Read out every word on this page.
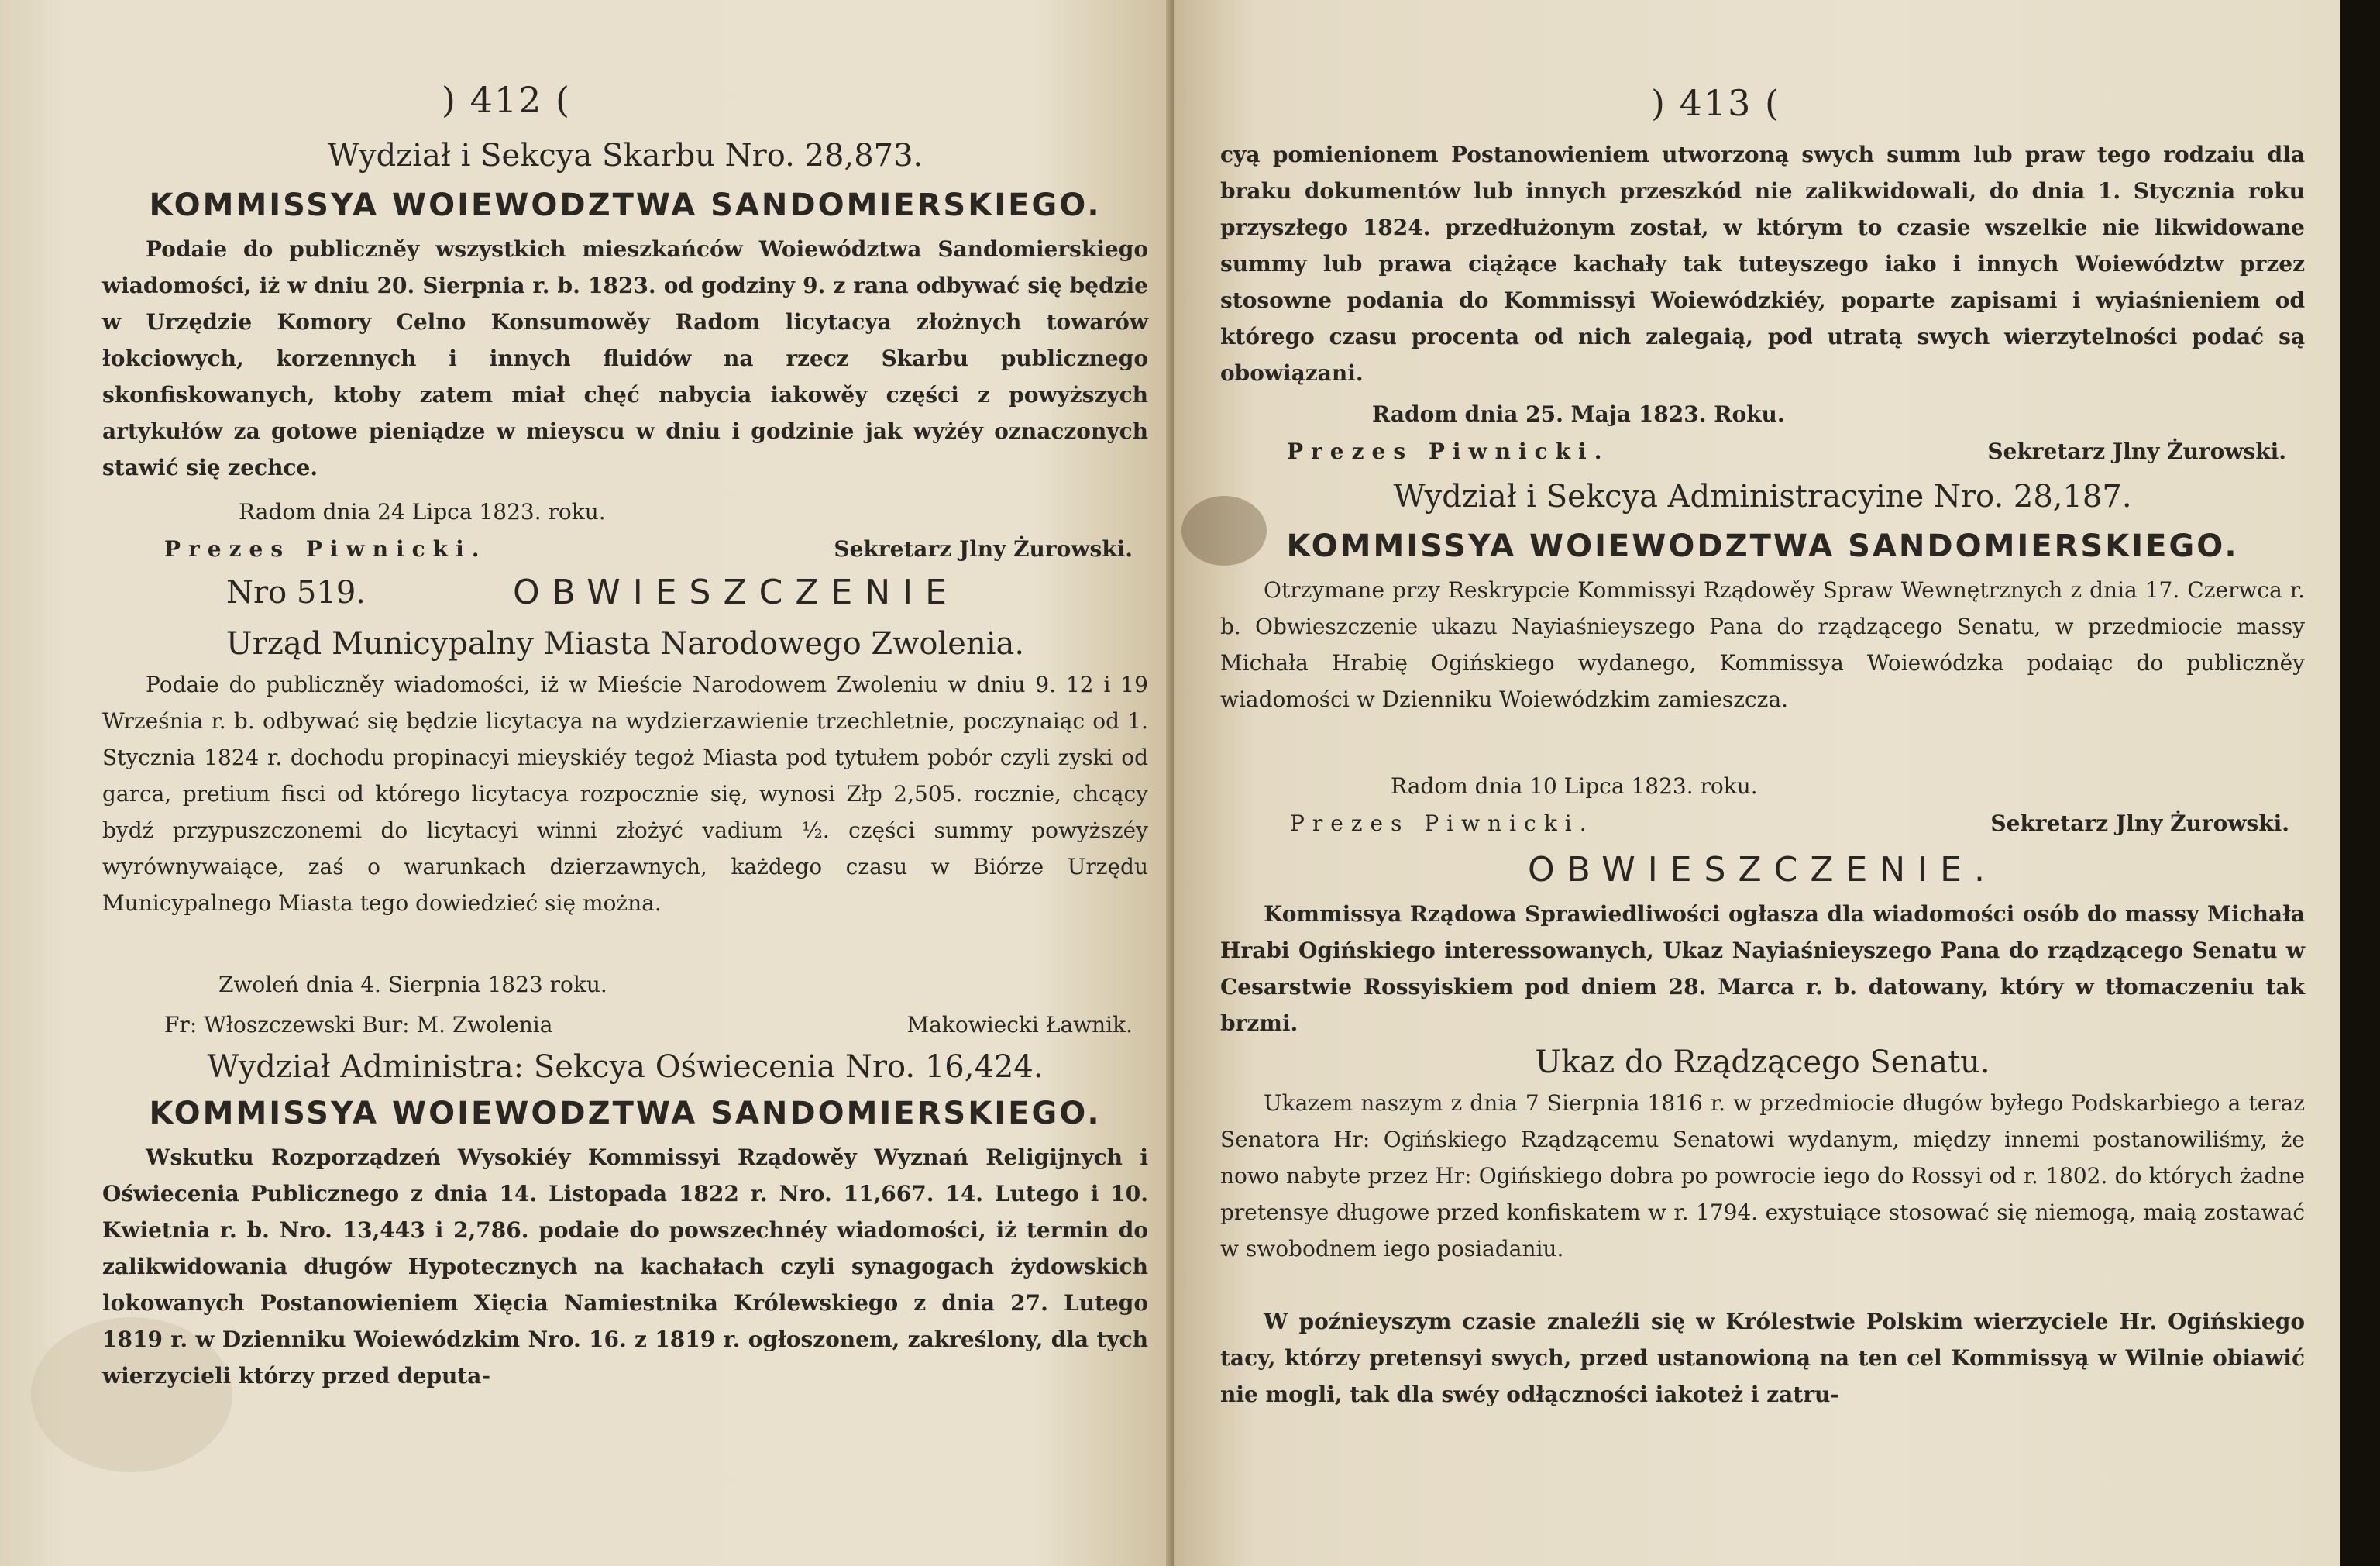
) 412 (
Wydział i Sekcya Skarbu Nro. 28,873.
KOMMISSYA WOIEWODZTWA SANDOMIERSKIEGO.
Podaie do publiczněy wszystkich mieszkańców Woiewództwa Sandomierskiego wiadomości, iż w dniu 20. Sierpnia r. b. 1823. od godziny 9. z rana odbywać się będzie w Urzędzie Komory Celno Konsumowěy Radom licytacya złożnych towarów łokciowych, korzennych i innych fluidów na rzecz Skarbu publicznego skonfiskowanych, ktoby zatem miał chęć nabycia iakowěy części z powyższych artykułów za gotowe pieniądze w mieyscu w dniu i godzinie jak wyżéy oznaczonych stawić się zechce.
Radom dnia 24 Lipca 1823. roku.
Prezes Piwnicki.	Sekretarz Jlny Żurowski.
Nro 519.	OBWIESZCZENIE
Urząd Municypalny Miasta Narodowego Zwolenia.
Podaie do publiczněy wiadomości, iż w Mieście Narodowem Zwoleniu w dniu 9. 12 i 19 Września r. b. odbywać się będzie licytacya na wydzierzawienie trzechletnie, poczynaiąc od 1. Stycznia 1824 r. dochodu propinacyi mieyskiéy tegoż Miasta pod tytułem pobór czyli zyski od garca, pretium fisci od którego licytacya rozpocznie się, wynosi Złp 2,505. rocznie, chcący bydź przypuszczonemi do licytacyi winni złożyć vadium ½. części summy powyższéy wyrównywaiące, zaś o warunkach dzierzawnych, każdego czasu w Biórze Urzędu Municypalnego Miasta tego dowiedzieć się można.
Zwoleń dnia 4. Sierpnia 1823 roku.
Fr: Włoszczewski Bur: M. Zwolenia	Makowiecki Ławnik.
Wydział Administra: Sekcya Oświecenia Nro. 16,424.
KOMMISSYA WOIEWODZTWA SANDOMIERSKIEGO.
Wskutku Rozporządzeń Wysokiéy Kommissyi Rządowěy Wyznań Religijnych i Oświecenia Publicznego z dnia 14. Listopada 1822 r. Nro. 11,667. 14. Lutego i 10. Kwietnia r. b. Nro. 13,443 i 2,786. podaie do powszechnéy wiadomości, iż termin do zalikwidowania długów Hypotecznych na kachałach czyli synagogach żydowskich lokowanych Postanowieniem Xięcia Namiestnika Królewskiego z dnia 27. Lutego 1819 r. w Dzienniku Woiewódzkim Nro. 16. z 1819 r. ogłoszonem, zakreślony, dla tych wierzycieli którzy przed deputa-
) 413 (
cyą pomienionem Postanowieniem utworzoną swych summ lub praw tego rodzaiu dla braku dokumentów lub innych przeszkód nie zalikwidowali, do dnia 1. Stycznia roku przyszłego 1824. przedłużonym został, w którym to czasie wszelkie nie likwidowane summy lub prawa ciążące kachały tak tuteyszego iako i innych Woiewództw przez stosowne podania do Kommissyi Woiewódzkiéy, poparte zapisami i wyiaśnieniem od którego czasu procenta od nich zalegaią, pod utratą swych wierzytelności podać są obowiązani.
Radom dnia 25. Maja 1823. Roku.
Prezes Piwnicki.	Sekretarz Jlny Żurowski.
Wydział i Sekcya Administracyine Nro. 28,187.
KOMMISSYA WOIEWODZTWA SANDOMIERSKIEGO.
Otrzymane przy Reskrypcie Kommissyi Rządowěy Spraw Wewnętrznych z dnia 17. Czerwca r. b. Obwieszczenie ukazu Nayiaśnieyszego Pana do rządzącego Senatu, w przedmiocie massy Michała Hrabię Ogińskiego wydanego, Kommissya Woiewódzka podaiąc do publiczněy wiadomości w Dzienniku Woiewódzkim zamieszcza.
Radom dnia 10 Lipca 1823. roku.
Prezes Piwnicki.	Sekretarz Jlny Żurowski.
OBWIESZCZENIE.
Kommissya Rządowa Sprawiedliwości ogłasza dla wiadomości osób do massy Michała Hrabi Ogińskiego interessowanych, Ukaz Nayiaśnieyszego Pana do rządzącego Senatu w Cesarstwie Rossyiskiem pod dniem 28. Marca r. b. datowany, który w tłomaczeniu tak brzmi.
Ukaz do Rządzącego Senatu.
Ukazem naszym z dnia 7 Sierpnia 1816 r. w przedmiocie długów byłego Podskarbiego a teraz Senatora Hr: Ogińskiego Rządzącemu Senatowi wydanym, między innemi postanowiliśmy, że nowo nabyte przez Hr: Ogińskiego dobra po powrocie iego do Rossyi od r. 1802. do których żadne pretensye długowe przed konfiskatem w r. 1794. exystuiące stosować się niemogą, maią zostawać w swobodnem iego posiadaniu.
W poźnieyszym czasie znaleźli się w Królestwie Polskim wierzyciele Hr. Ogińskiego tacy, którzy pretensyi swych, przed ustanowioną na ten cel Kommissyą w Wilnie obiawić nie mogli, tak dla swéy odłączności iakoteż i zatru-
